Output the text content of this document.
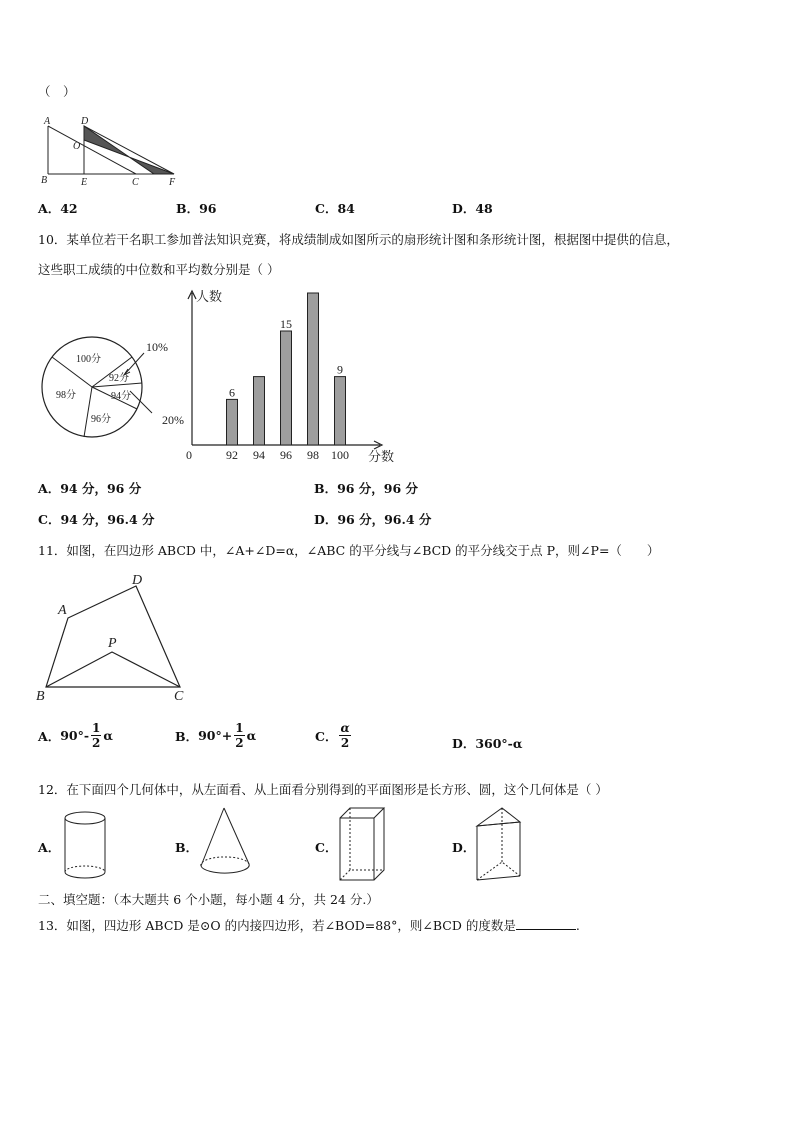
（　）
A	D
O
B	E	C	F
A．42	B．96	C．84	D．48
10．某单位若干名职工参加普法知识竞赛，将成绩制成如图所示的扇形统计图和条形统计图，根据图中提供的信息，
这些职工成绩的中位数和平均数分别是（ ）
100分
92分
94分
96分
98分
10%
20%
人数
分数
0	92
6
94 96
15
98 100
9
A．94 分，96 分	B．96 分，96 分
C．94 分，96.4 分	D．96 分，96.4 分
11．如图，在四边形 ABCD 中，∠A+∠D=α，∠ABC 的平分线与∠BCD 的平分线交于点 P，则∠P=（　　）
A
D
P
B	C
A． $90^\circ- \frac{1}{2}$ α	B． $90^\circ+ \frac{1}{2}$ α	C． $\frac{\alpha}{2}$	D．360°-α
12．在下面四个几何体中，从左面看、从上面看分别得到的平面图形是长方形、圆，这个几何体是（ ）
A．	B．	C．	D．
二、填空题：（本大题共 6 个小题，每小题 4 分，共 24 分.）
13．如图，四边形 ABCD 是⊙O 的内接四边形，若∠BOD=88°，则∠BCD 的度数是	.
